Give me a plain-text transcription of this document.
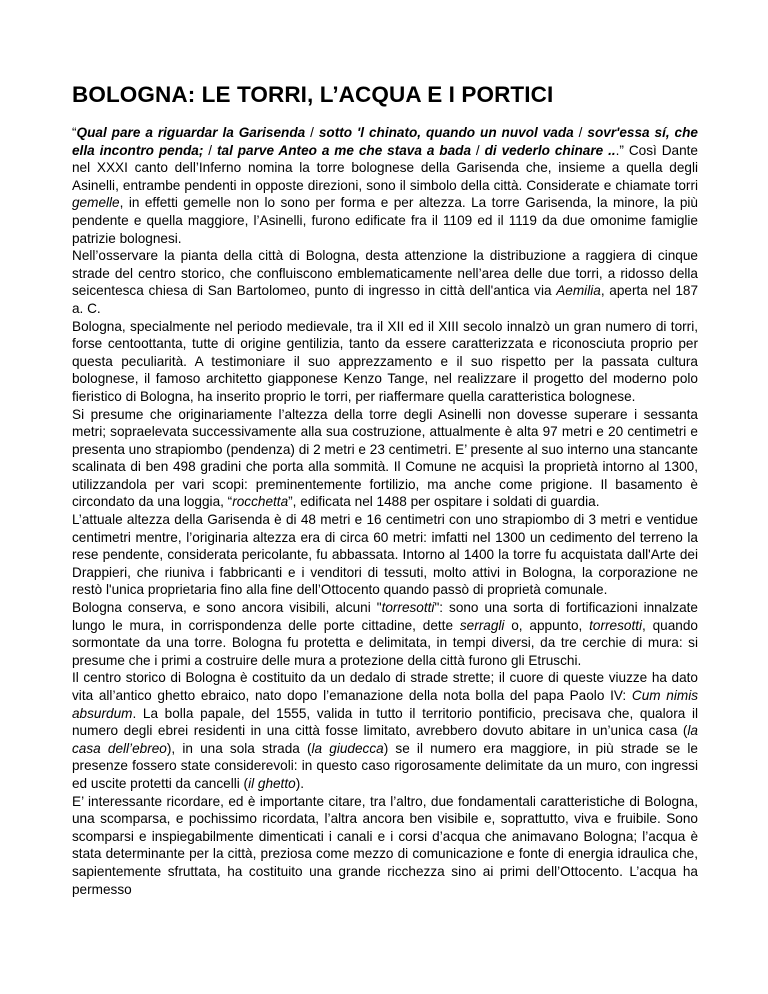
BOLOGNA: LE TORRI, L’ACQUA E I PORTICI

“Qual pare a riguardar la Garisenda / sotto 'l chinato, quando un nuvol vada / sovr'essa sí, che ella incontro penda; / tal parve Anteo a me che stava a bada / di vederlo chinare ...” Così Dante nel XXXI canto dell’Inferno nomina la torre bolognese della Garisenda che, insieme a quella degli Asinelli, entrambe pendenti in opposte direzioni, sono il simbolo della città. Considerate e chiamate torri gemelle, in effetti gemelle non lo sono per forma e per altezza. La torre Garisenda, la minore, la più pendente e quella maggiore, l’Asinelli, furono edificate fra il 1109 ed il 1119 da due omonime famiglie patrizie bolognesi.

Nell’osservare la pianta della città di Bologna, desta attenzione la distribuzione a raggiera di cinque strade del centro storico, che confluiscono emblematicamente nell’area delle due torri, a ridosso della seicentesca chiesa di San Bartolomeo, punto di ingresso in città dell'antica via Aemilia, aperta nel 187 a. C.

Bologna, specialmente nel periodo medievale, tra il XII ed il XIII secolo innalzò un gran numero di torri, forse centoottanta, tutte di origine gentilizia, tanto da essere caratterizzata e riconosciuta proprio per questa peculiarità. A testimoniare il suo apprezzamento e il suo rispetto per la passata cultura bolognese, il famoso architetto giapponese Kenzo Tange, nel realizzare il progetto del moderno polo fieristico di Bologna, ha inserito proprio le torri, per riaffermare quella caratteristica bolognese.

Si presume che originariamente l’altezza della torre degli Asinelli non dovesse superare i sessanta metri; sopraelevata successivamente alla sua costruzione, attualmente è alta 97 metri e 20 centimetri e presenta uno strapiombo (pendenza) di 2 metri e 23 centimetri. E’ presente al suo interno una stancante scalinata di ben 498 gradini che porta alla sommità. Il Comune ne acquisì la proprietà intorno al 1300, utilizzandola per vari scopi: preminentemente fortilizio, ma anche come prigione. Il basamento è circondato da una loggia, “rocchetta”, edificata nel 1488 per ospitare i soldati di guardia.

L’attuale altezza della Garisenda è di 48 metri e 16 centimetri con uno strapiombo di 3 metri e ventidue centimetri mentre, l’originaria altezza era di circa 60 metri: imfatti nel 1300 un cedimento del terreno la rese pendente, considerata pericolante, fu abbassata. Intorno al 1400 la torre fu acquistata dall'Arte dei Drappieri, che riuniva i fabbricanti e i venditori di tessuti, molto attivi in Bologna, la corporazione ne restò l'unica proprietaria fino alla fine dell’Ottocento quando passò di proprietà comunale.

Bologna conserva, e sono ancora visibili, alcuni "torresotti": sono una sorta di fortificazioni innalzate lungo le mura, in corrispondenza delle porte cittadine, dette serragli o, appunto, torresotti, quando sormontate da una torre. Bologna fu protetta e delimitata, in tempi diversi, da tre cerchie di mura: si presume che i primi a costruire delle mura a protezione della città furono gli Etruschi.

Il centro storico di Bologna è costituito da un dedalo di strade strette; il cuore di queste viuzze ha dato vita all’antico ghetto ebraico, nato dopo l’emanazione della nota bolla del papa Paolo IV: Cum nimis absurdum. La bolla papale, del 1555, valida in tutto il territorio pontificio, precisava che, qualora il numero degli ebrei residenti in una città fosse limitato, avrebbero dovuto abitare in un’unica casa (la casa dell’ebreo), in una sola strada (la giudecca) se il numero era maggiore, in più strade se le presenze fossero state considerevoli: in questo caso rigorosamente delimitate da un muro, con ingressi ed uscite protetti da cancelli (il ghetto).

E’ interessante ricordare, ed è importante citare, tra l’altro, due fondamentali caratteristiche di Bologna, una scomparsa, e pochissimo ricordata, l’altra ancora ben visibile e, soprattutto, viva e fruibile. Sono scomparsi e inspiegabilmente dimenticati i canali e i corsi d’acqua che animavano Bologna; l’acqua è stata determinante per la città, preziosa come mezzo di comunicazione e fonte di energia idraulica che, sapientemente sfruttata, ha costituito una grande ricchezza sino ai primi dell’Ottocento. L’acqua ha permesso
